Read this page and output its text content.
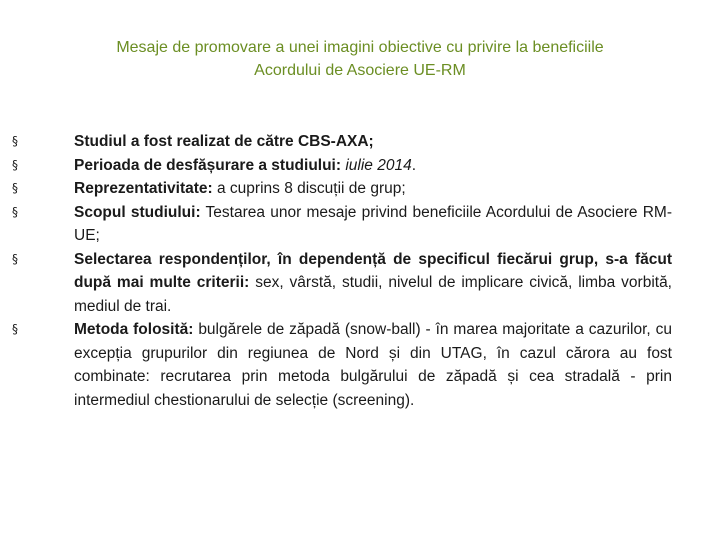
Mesaje de promovare a unei imagini obiective cu privire la beneficiile
Acordului de Asociere UE-RM
§	Studiul a fost realizat de către CBS-AXA;
§	Perioada de desfășurare a studiului: iulie 2014.
§	Reprezentativitate: a cuprins 8 discuții de grup;
§	Scopul studiului: Testarea unor mesaje privind beneficiile Acordului de Asociere RM-UE;
§	Selectarea respondenților, în dependență de specificul fiecărui grup, s-a făcut după mai multe criterii: sex, vârstă, studii, nivelul de implicare civică, limba vorbită, mediul de trai.
§	Metoda folosită: bulgărele de zăpadă (snow-ball) - în marea majoritate a cazurilor, cu excepția grupurilor din regiunea de Nord și din UTAG, în cazul cărora au fost combinate: recrutarea prin metoda bulgărului de zăpadă și cea stradală - prin intermediul chestionarului de selecție (screening).
